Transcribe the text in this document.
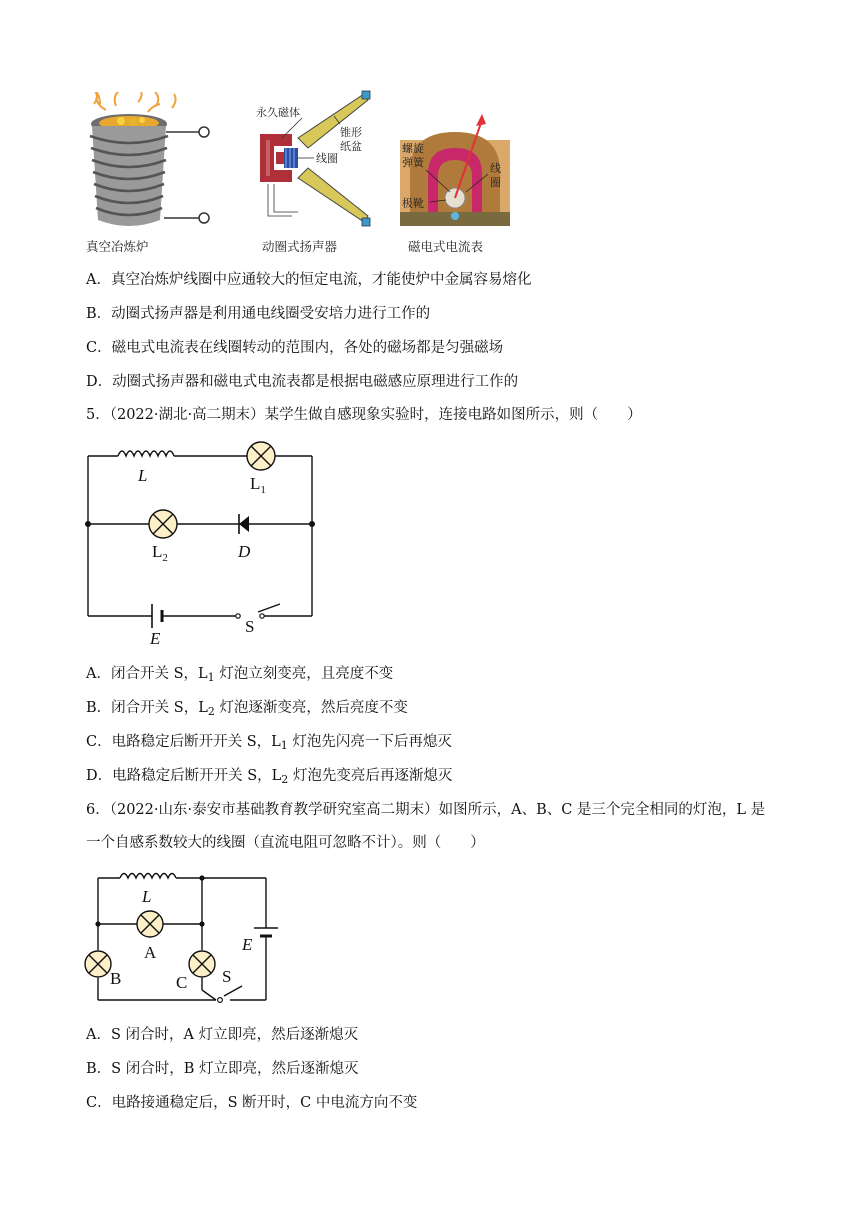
真空冶炼炉
永久磁体
锥形
纸盆
线圈
动圈式扬声器
螺旋
弹簧
极靴
线
圈
磁电式电流表
A．真空冶炼炉线圈中应通较大的恒定电流，才能使炉中金属容易熔化
B．动圈式扬声器是利用通电线圈受安培力进行工作的
C．磁电式电流表在线圈转动的范围内，各处的磁场都是匀强磁场
D．动圈式扬声器和磁电式电流表都是根据电磁感应原理进行工作的
5．（2022·湖北·高二期末）某学生做自感现象实验时，连接电路如图所示，则（　　）
L	$L_1$
$L_2$	D
E
S
A．闭合开关 S，$L_1$ 灯泡立刻变亮，且亮度不变
B．闭合开关 S，$L_2$ 灯泡逐渐变亮，然后亮度不变
C．电路稳定后断开开关 S，$L_1$ 灯泡先闪亮一下后再熄灭
D．电路稳定后断开开关 S，$L_2$ 灯泡先变亮后再逐渐熄灭
6．（2022·山东·泰安市基础教育教学研究室高二期末）如图所示，A、B、C 是三个完全相同的灯泡，L 是
一个自感系数较大的线圈（直流电阻可忽略不计）。则（　　）
L
A
B	C
E
S
A．S 闭合时，A 灯立即亮，然后逐渐熄灭
B．S 闭合时，B 灯立即亮，然后逐渐熄灭
C．电路接通稳定后，S 断开时，C 中电流方向不变
